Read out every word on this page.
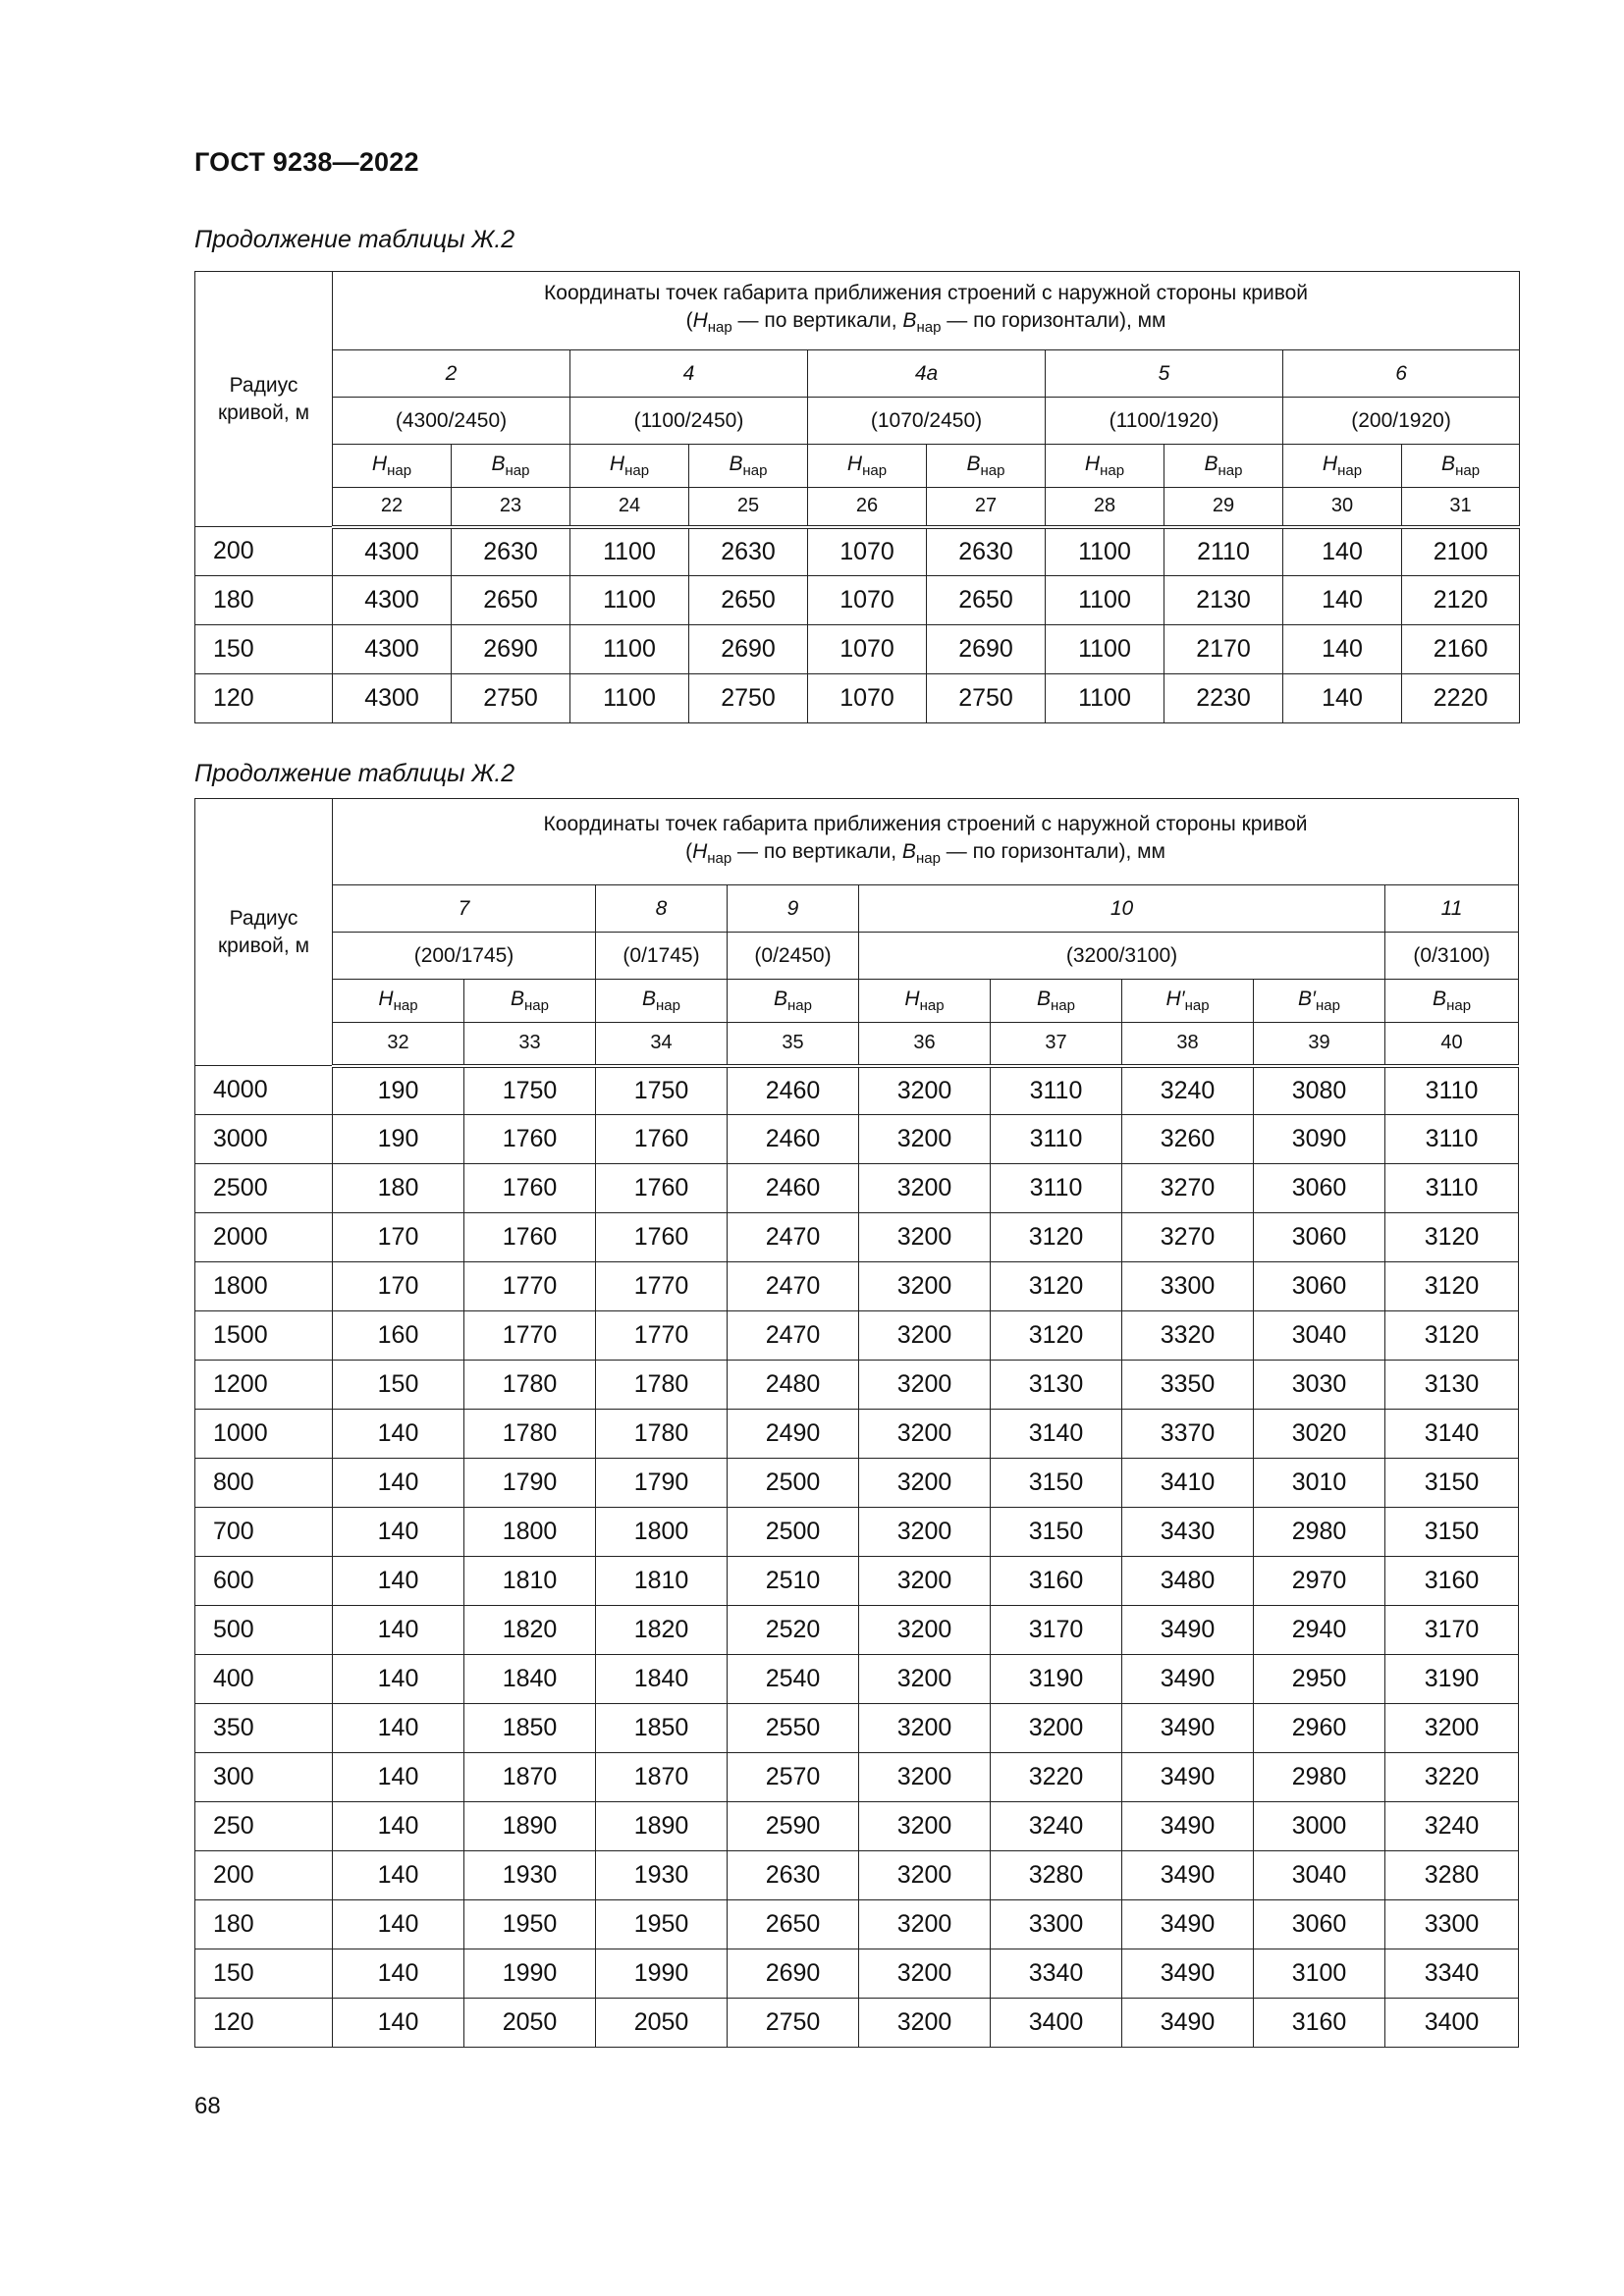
ГОСТ 9238—2022
Продолжение таблицы Ж.2
Радиус кривой, м	Координаты точек габарита приближения строений с наружной стороны кривой
($H_{нар}$ — по вертикали, $B_{нар}$ — по горизонтали), мм									

	2		4		4a		5		6	
	(4300/2450)		(1100/2450)		(1070/2450)		(1100/1920)		(200/1920)	
	$H_{нар}$	$B_{нар}$	$H_{нар}$	$B_{нар}$	$H_{нар}$	$B_{нар}$	$H_{нар}$	$B_{нар}$	$H_{нар}$	$B_{нар}$
	22	23	24	25	26	27	28	29	30	31
200	4300	2630	1100	2630	1070	2630	1100	2110	140	2100
180	4300	2650	1100	2650	1070	2650	1100	2130	140	2120
150	4300	2690	1100	2690	1070	2690	1100	2170	140	2160
120	4300	2750	1100	2750	1070	2750	1100	2230	140	2220
Продолжение таблицы Ж.2
Радиус кривой, м	Координаты точек габарита приближения строений с наружной стороны кривой
($H_{нар}$ — по вертикали, $B_{нар}$ — по горизонтали), мм								

	7		8	9	10				11
	(200/1745)		(0/1745)	(0/2450)	(3200/3100)				(0/3100)
	$H_{нар}$	$B_{нар}$	$B_{нар}$	$B_{нар}$	$H_{нар}$	$B_{нар}$	$H'_{нар}$	$B'_{нар}$	$B_{нар}$
	32	33	34	35	36	37	38	39	40
4000	190	1750	1750	2460	3200	3110	3240	3080	3110
3000	190	1760	1760	2460	3200	3110	3260	3090	3110
2500	180	1760	1760	2460	3200	3110	3270	3060	3110
2000	170	1760	1760	2470	3200	3120	3270	3060	3120
1800	170	1770	1770	2470	3200	3120	3300	3060	3120
1500	160	1770	1770	2470	3200	3120	3320	3040	3120
1200	150	1780	1780	2480	3200	3130	3350	3030	3130
1000	140	1780	1780	2490	3200	3140	3370	3020	3140
800	140	1790	1790	2500	3200	3150	3410	3010	3150
700	140	1800	1800	2500	3200	3150	3430	2980	3150
600	140	1810	1810	2510	3200	3160	3480	2970	3160
500	140	1820	1820	2520	3200	3170	3490	2940	3170
400	140	1840	1840	2540	3200	3190	3490	2950	3190
350	140	1850	1850	2550	3200	3200	3490	2960	3200
300	140	1870	1870	2570	3200	3220	3490	2980	3220
250	140	1890	1890	2590	3200	3240	3490	3000	3240
200	140	1930	1930	2630	3200	3280	3490	3040	3280
180	140	1950	1950	2650	3200	3300	3490	3060	3300
150	140	1990	1990	2690	3200	3340	3490	3100	3340
120	140	2050	2050	2750	3200	3400	3490	3160	3400
68
